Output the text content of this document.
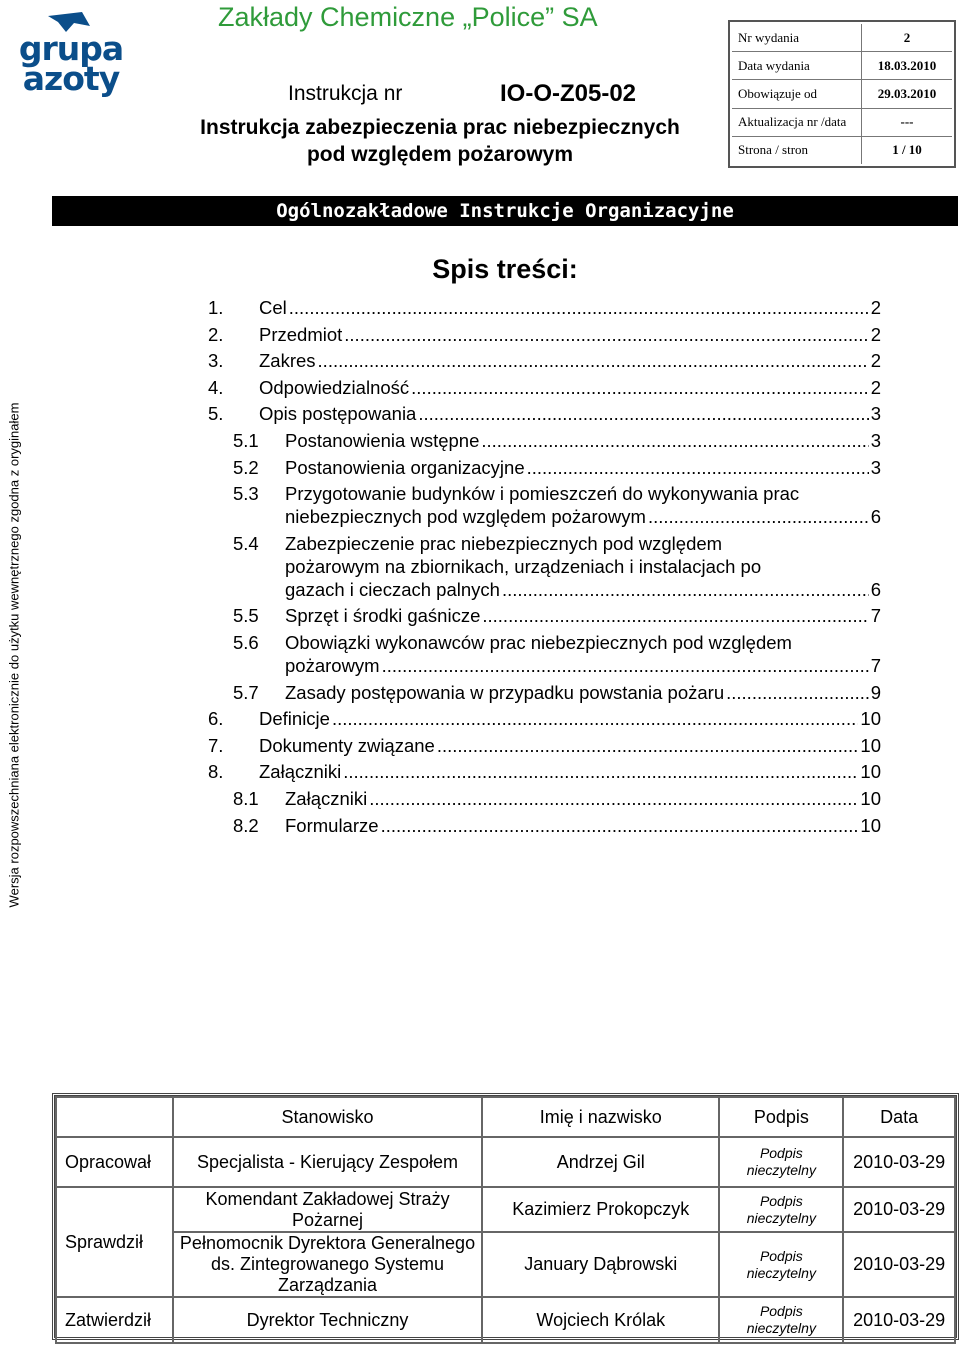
grupa
azoty
Zakłady Chemiczne „Police” SA
Instrukcja nr	IO-O-Z05-02
Instrukcja zabezpieczenia prac niebezpiecznych
pod względem pożarowym
Nr wydania	2
Data wydania	18.03.2010
Obowiązuje od	29.03.2010
Aktualizacja nr /data	---
Strona / stron	1 / 10
Ogólnozakładowe Instrukcje Organizacyjne
Wersja rozpowszechniana elektronicznie do użytku wewnętrznego zgodna z oryginałem
Spis treści:
1. Cel .....	2
2. Przedmiot .....	2
3. Zakres .....	2
4. Odpowiedzialność .....	2
5. Opis postępowania .....	3
5.1 Postanowienia wstępne .....	3
5.2 Postanowienia organizacyjne .....	3
5.3 Przygotowanie budynków i pomieszczeń do wykonywania prac
niebezpiecznych pod względem pożarowym .....	6
5.4 Zabezpieczenie prac niebezpiecznych pod względem
pożarowym na zbiornikach, urządzeniach i instalacjach po
gazach i cieczach palnych .....	6
5.5 Sprzęt i środki gaśnicze .....	7
5.6 Obowiązki wykonawców prac niebezpiecznych pod względem
pożarowym .....	7
5.7 Zasady postępowania w przypadku powstania pożaru .....	9
6. Definicje .....	10
7. Dokumenty związane .....	10
8. Załączniki .....	10
8.1 Załączniki .....	10
8.2 Formularze .....	10
	Stanowisko	Imię i nazwisko	Podpis	Data
Opracował	Specjalista - Kierujący Zespołem	Andrzej Gil	Podpis nieczytelny	2010-03-29
Sprawdził	Komendant Zakładowej Straży Pożarnej	Kazimierz Prokopczyk	Podpis nieczytelny	2010-03-29
	Pełnomocnik Dyrektora Generalnego ds. Zintegrowanego Systemu Zarządzania	January Dąbrowski	Podpis nieczytelny	2010-03-29
Zatwierdził	Dyrektor Techniczny	Wojciech Królak	Podpis nieczytelny	2010-03-29
